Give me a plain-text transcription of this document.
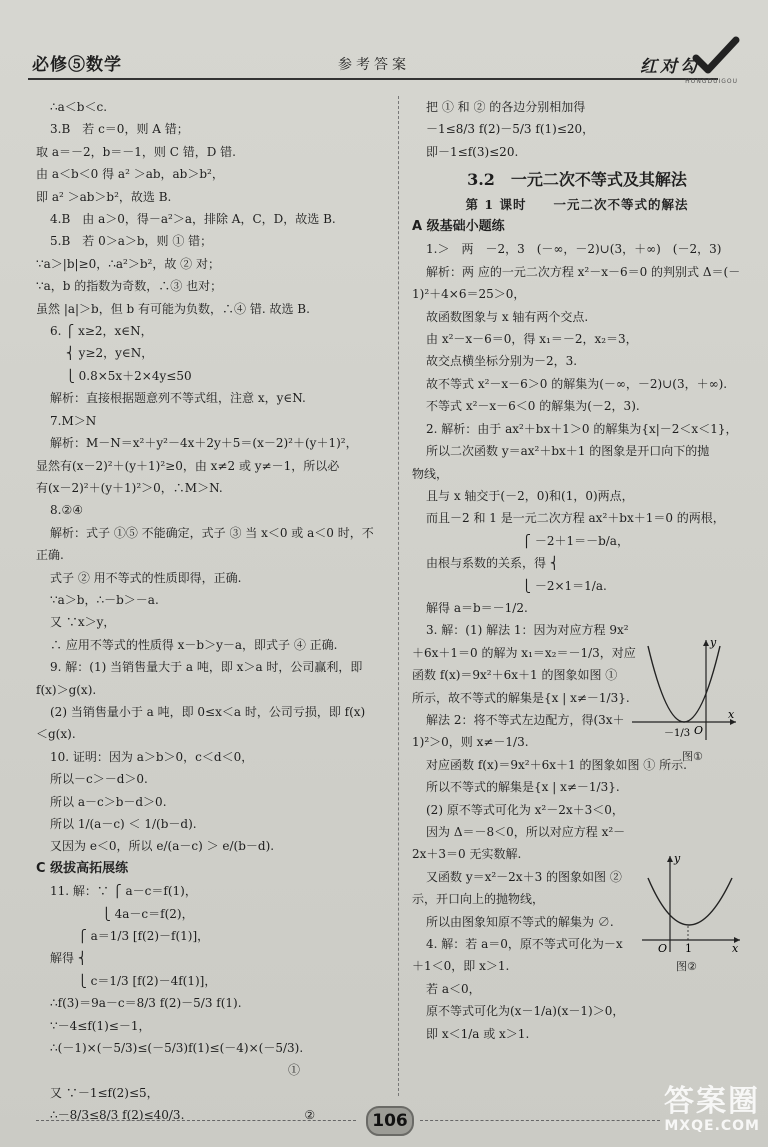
必修⑤数学	参考答案	红对勾
HONGDUIGOU

∴a＜b＜c.

3.B　若 c＝0，则 A 错；

取 a＝－2，b＝－1，则 C 错，D 错.

由 a＜b＜0 得 a² ＞ab，ab＞b²，

即 a² ＞ab＞b²，故选 B.

4.B　由 a＞0，得－a²＞a，排除 A，C，D，故选 B.

5.B　若 0＞a＞b，则 ① 错；

∵a＞|b|≥0，∴a²＞b²，故 ② 对；

∵a，b 的指数为奇数，∴③ 也对；

虽然 |a|＞b，但 b 有可能为负数，∴④ 错. 故选 B.

6. ⎧ x≥2，x∈N，

　 ⎨ y≥2，y∈N，

　 ⎩ 0.8×5x＋2×4y≤50

解析：直接根据题意列不等式组，注意 x，y∈N.

7.M＞N

解析：M－N＝x²＋y²－4x＋2y＋5＝(x－2)²＋(y＋1)²，

显然有(x－2)²＋(y＋1)²≥0，由 x≠2 或 y≠－1，所以必

有(x－2)²＋(y＋1)²＞0，∴M＞N.

8.②④

解析：式子 ①⑤ 不能确定，式子 ③ 当 x＜0 或 a＜0 时，不

正确.

式子 ② 用不等式的性质即得，正确.

∵a＞b，∴－b＞－a.

又 ∵x＞y，

∴ 应用不等式的性质得 x－b＞y－a，即式子 ④ 正确.

9. 解：(1) 当销售量大于 a 吨，即 x＞a 时，公司赢利，即

f(x)＞g(x).

(2) 当销售量小于 a 吨，即 0≤x＜a 时，公司亏损，即 f(x)

＜g(x).

10. 证明：因为 a＞b＞0，c＜d＜0，

所以－c＞－d＞0.

所以 a－c＞b－d＞0.

所以 1/(a－c) ＜ 1/(b－d).

又因为 e＜0，所以 e/(a－c) ＞ e/(b－d).

C 级拔高拓展练

11. 解：∵ ⎧ a－c＝f(1)，

　　　　 ⎩ 4a－c＝f(2)，

　　 ⎧ a＝1/3 [f(2)－f(1)]，

解得 ⎨

　　 ⎩ c＝1/3 [f(2)－4f(1)]，

∴f(3)＝9a－c＝8/3 f(2)－5/3 f(1).

∵－4≤f(1)≤－1，

∴(－1)×(－5/3)≤(－5/3)f(1)≤(－4)×(－5/3).

　　　　　　　　　　　　　　　　　　　　　①

又 ∵－1≤f(2)≤5，

∴－8/3≤8/3 f(2)≤40/3.　　　　　　　　　　②

把 ① 和 ② 的各边分别相加得

－1≤8/3 f(2)－5/3 f(1)≤20，

即－1≤f(3)≤20.

3.2　一元二次不等式及其解法
第 1 课时　　一元二次不等式的解法

A 级基础小题练

1.＞　两　－2，3　(－∞，－2)∪(3，＋∞)　(－2，3)

解析：两 应的一元二次方程 x²－x－6＝0 的判别式 Δ＝(－

1)²＋4×6＝25＞0，

故函数图象与 x 轴有两个交点.

由 x²－x－6＝0，得 x₁＝－2，x₂＝3，

故交点横坐标分别为－2，3.

故不等式 x²－x－6＞0 的解集为(－∞，－2)∪(3，＋∞).

不等式 x²－x－6＜0 的解集为(－2，3).

2. 解析：由于 ax²＋bx＋1＞0 的解集为{x|－2＜x＜1}，

所以二次函数 y＝ax²＋bx＋1 的图象是开口向下的抛

物线，

且与 x 轴交于(－2，0)和(1，0)两点，

而且－2 和 1 是一元二次方程 ax²＋bx＋1＝0 的两根，

　　　　　　　　⎧ －2＋1＝－b/a，

由根与系数的关系，得 ⎨

　　　　　　　　⎩ －2×1＝1/a.

解得 a＝b＝－1/2.

3. 解：(1) 解法 1：因为对应方程 9x²

＋6x＋1＝0 的解为 x₁＝x₂＝－1/3，对应

函数 f(x)＝9x²＋6x＋1 的图象如图 ①

所示，故不等式的解集是{x | x≠－1/3}.

解法 2：将不等式左边配方，得(3x＋

1)²＞0，则 x≠－1/3.

对应函数 f(x)＝9x²＋6x＋1 的图象如图 ① 所示.

所以不等式的解集是{x | x≠－1/3}.

(2) 原不等式可化为 x²－2x＋3＜0，

因为 Δ＝－8＜0，所以对应方程 x²－

2x＋3＝0 无实数解.

又函数 y＝x²－2x＋3 的图象如图 ②

示，开口向上的抛物线，

所以由图象知原不等式的解集为 ∅.

4. 解：若 a＝0，原不等式可化为－x

＋1＜0，即 x＞1.

若 a＜0，

原不等式可化为(x－1/a)(x－1)＞0，

即 x＜1/a 或 x＞1.

y
x
O
－1/3
图①
y
x
O 1
图②
106
答案圈
MXQE.COM
